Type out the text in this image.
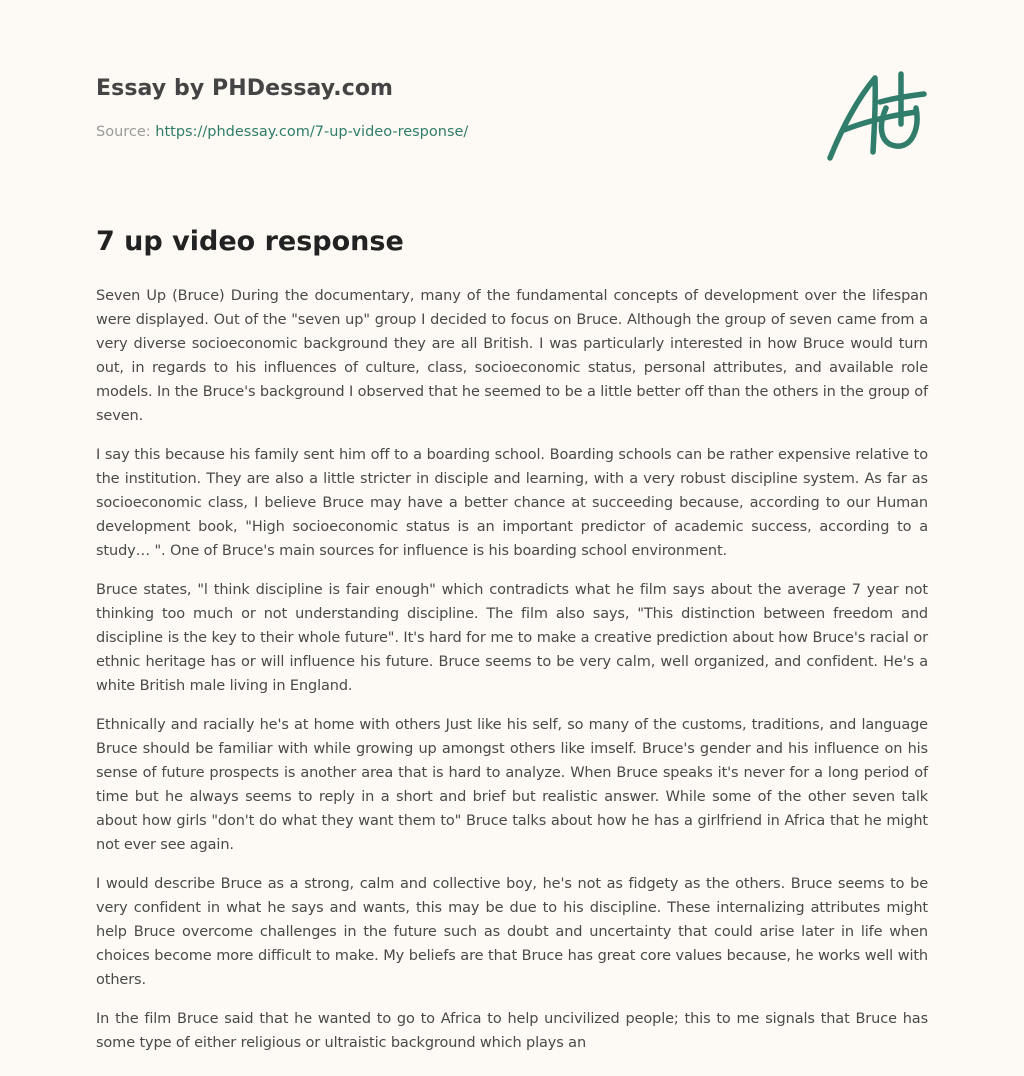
Essay by PHDessay.com
Source: https://phdessay.com/7-up-video-response/
7 up video response

Seven Up (Bruce) During the documentary, many of the fundamental concepts of development over the lifespan were displayed. Out of the "seven up" group I decided to focus on Bruce. Although the group of seven came from a very diverse socioeconomic background they are all British. I was particularly interested in how Bruce would turn out, in regards to his influences of culture, class, socioeconomic status, personal attributes, and available role models. In the Bruce's background I observed that he seemed to be a little better off than the others in the group of seven.

I say this because his family sent him off to a boarding school. Boarding schools can be rather expensive relative to the institution. They are also a little stricter in disciple and learning, with a very robust discipline system. As far as socioeconomic class, I believe Bruce may have a better chance at succeeding because, according to our Human development book, "High socioeconomic status is an important predictor of academic success, according to a study… ". One of Bruce's main sources for influence is his boarding school environment.

Bruce states, "l think discipline is fair enough" which contradicts what he film says about the average 7 year not thinking too much or not understanding discipline. The film also says, "This distinction between freedom and discipline is the key to their whole future". It's hard for me to make a creative prediction about how Bruce's racial or ethnic heritage has or will influence his future. Bruce seems to be very calm, well organized, and confident. He's a white British male living in England.

Ethnically and racially he's at home with others Just like his self, so many of the customs, traditions, and language Bruce should be familiar with while growing up amongst others like imself. Bruce's gender and his influence on his sense of future prospects is another area that is hard to analyze. When Bruce speaks it's never for a long period of time but he always seems to reply in a short and brief but realistic answer. While some of the other seven talk about how girls "don't do what they want them to" Bruce talks about how he has a girlfriend in Africa that he might not ever see again.

I would describe Bruce as a strong, calm and collective boy, he's not as fidgety as the others. Bruce seems to be very confident in what he says and wants, this may be due to his discipline. These internalizing attributes might help Bruce overcome challenges in the future such as doubt and uncertainty that could arise later in life when choices become more difficult to make. My beliefs are that Bruce has great core values because, he works well with others.

In the film Bruce said that he wanted to go to Africa to help uncivilized people; this to me signals that Bruce has some type of either religious or ultraistic background which plays an
